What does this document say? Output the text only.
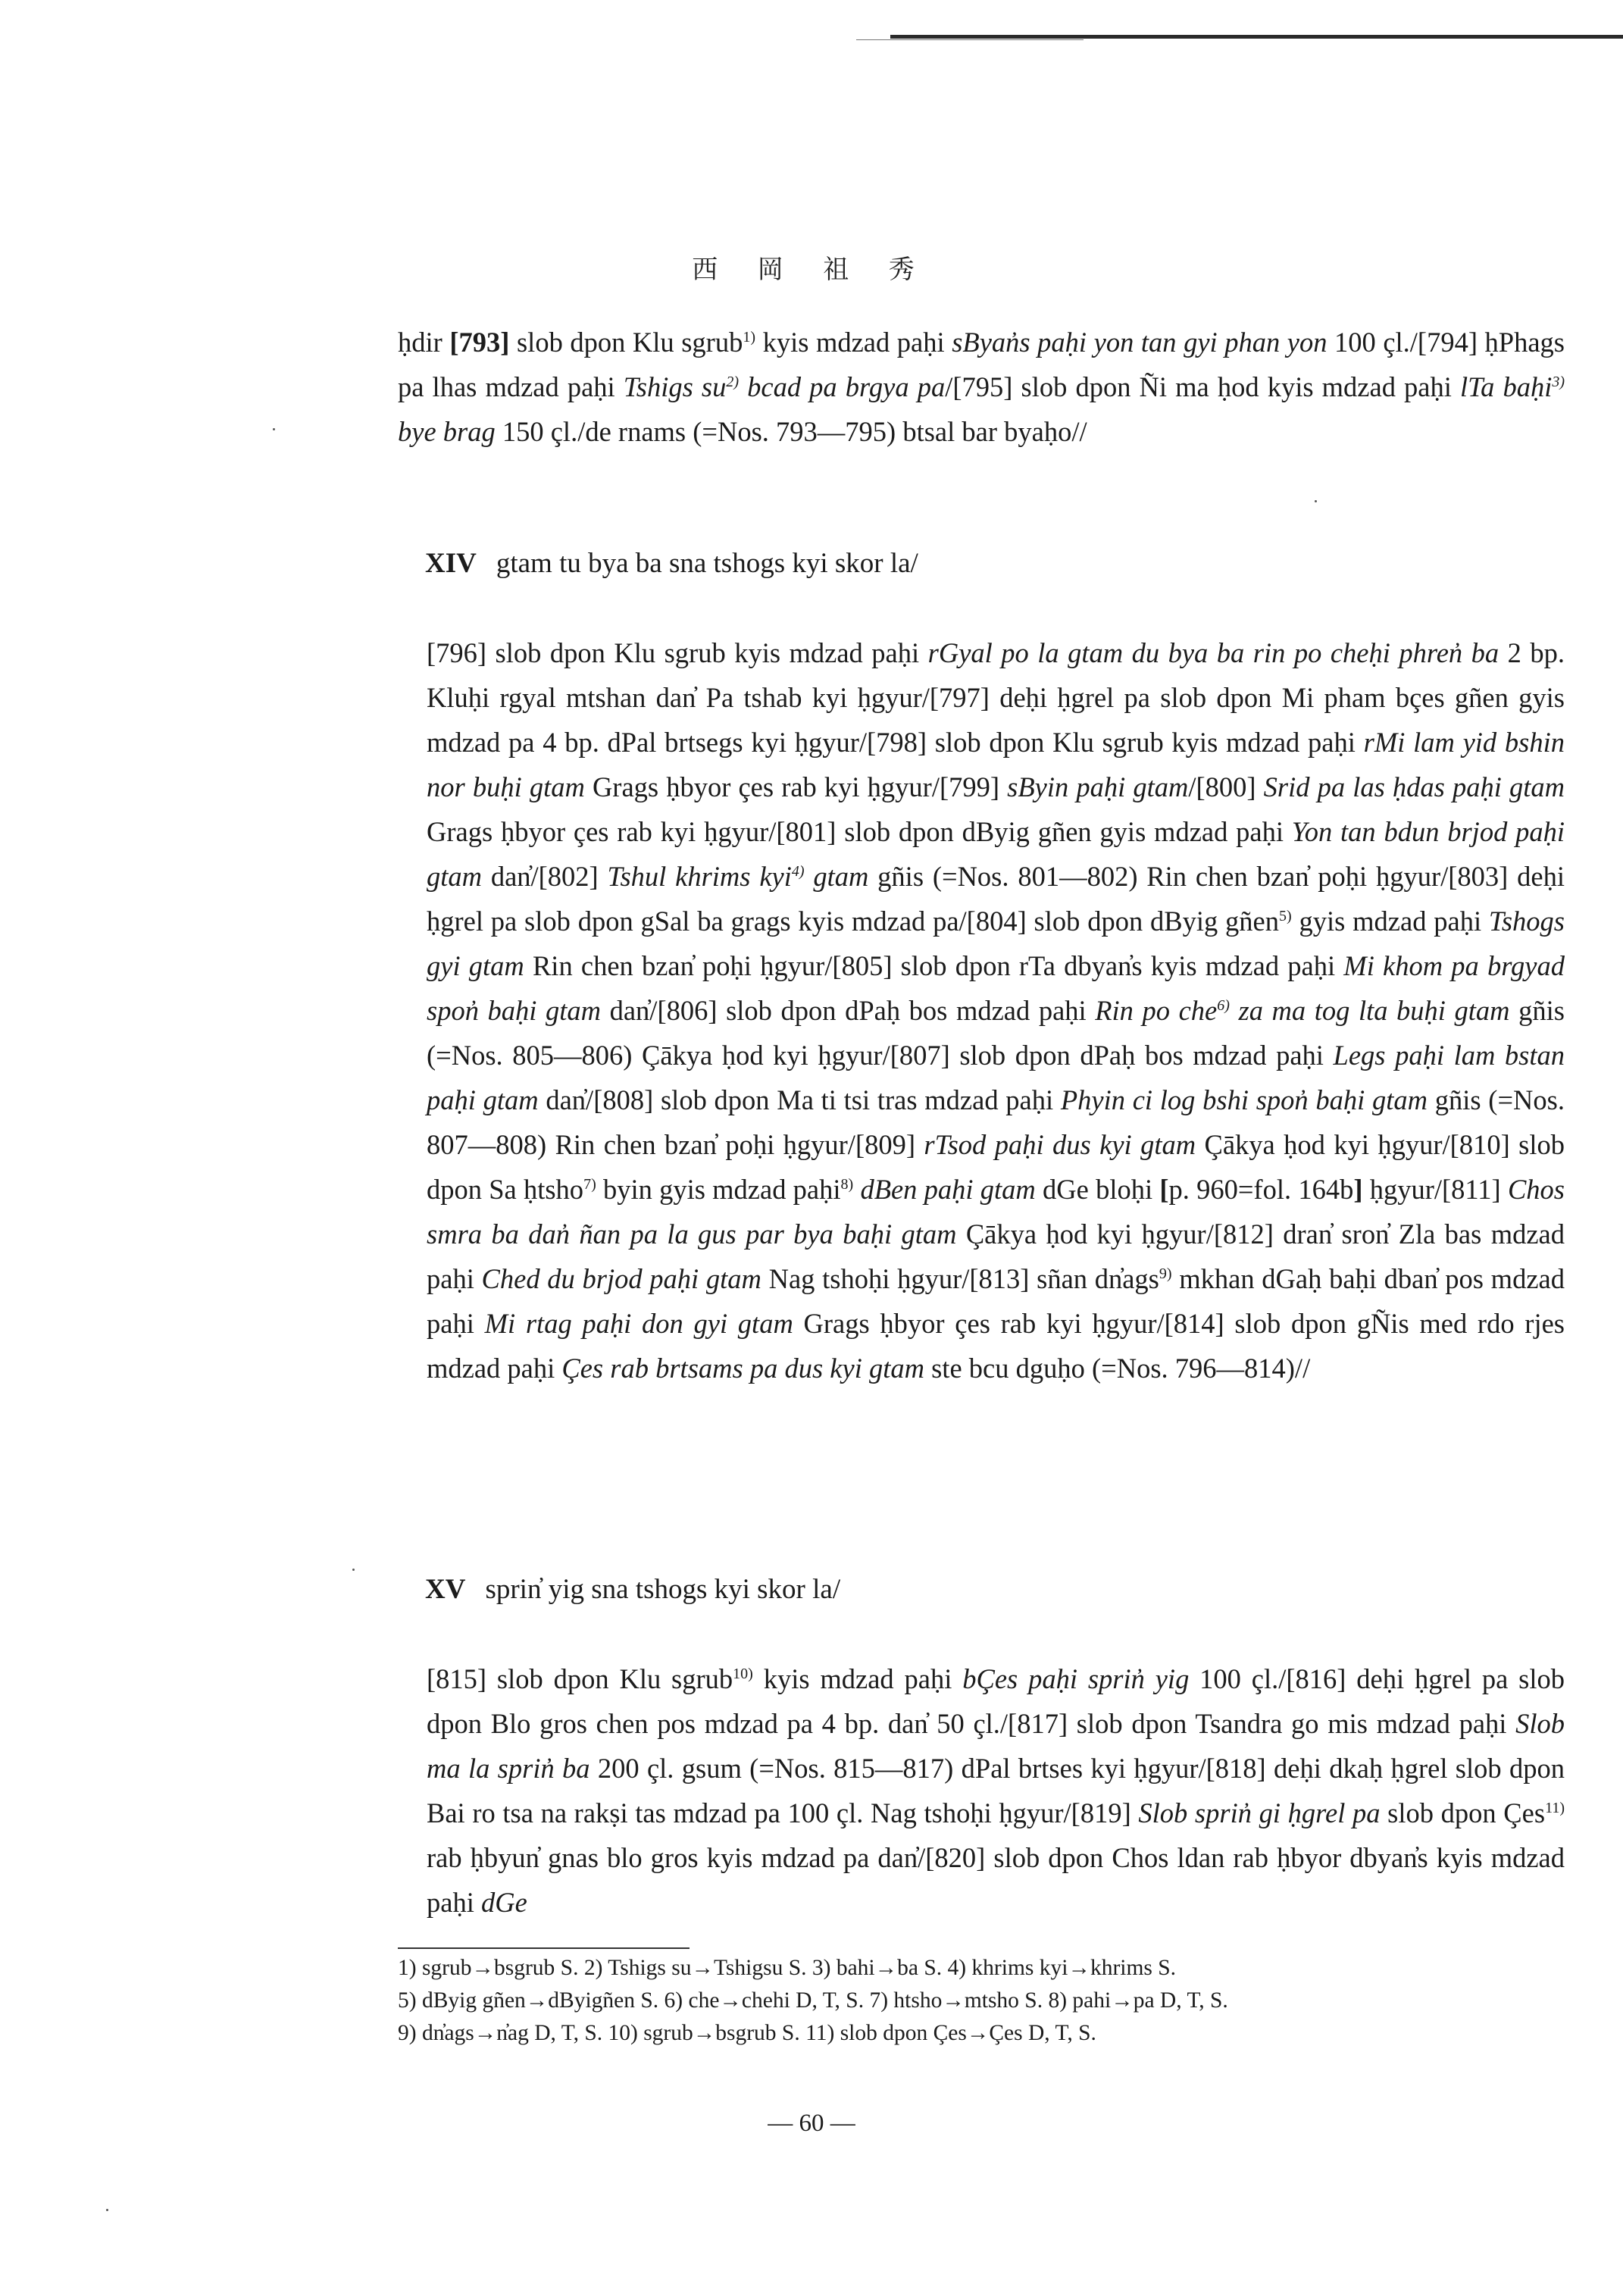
西 岡 祖 秀

ḥdir [793] slob dpon Klu sgrub$^{1)}$ kyis mdzad paḥi sByan̓s paḥi yon tan gyi phan yon 100 çl./[794] ḥPhags pa lhas mdzad paḥi Tshigs $su^{2)}$ bcad pa brgya pa/[795] slob dpon Ñi ma ḥod kyis mdzad paḥi lTa baḥi$^{3)}$ bye brag 150 çl./de rnams (=Nos. 793—795) btsal bar byaḥo//

XIV gtam tu bya ba sna tshogs kyi skor la/

[796] slob dpon Klu sgrub kyis mdzad paḥi rGyal po la gtam du bya ba rin po cheḥi phren̓ ba 2 bp. Kluḥi rgyal mtshan dan̓ Pa tshab kyi ḥgyur/[797] deḥi ḥgrel pa slob dpon Mi pham bçes gñen gyis mdzad pa 4 bp. dPal brtsegs kyi ḥgyur/[798] slob dpon Klu sgrub kyis mdzad paḥi rMi lam yid bshin nor buḥi gtam Grags ḥbyor çes rab kyi ḥgyur/[799] sByin paḥi gtam/[800] Srid pa las ḥdas paḥi gtam Grags ḥbyor çes rab kyi ḥgyur/[801] slob dpon dByig gñen gyis mdzad paḥi Yon tan bdun brjod paḥi gtam dan̓/[802] Tshul khrims kyi$^{4)}$ gtam gñis (=Nos. 801—802) Rin chen bzan̓ poḥi ḥgyur/[803] deḥi ḥgrel pa slob dpon gSal ba grags kyis mdzad pa/[804] slob dpon dByig gñen$^{5)}$ gyis mdzad paḥi Tshogs gyi gtam Rin chen bzan̓ poḥi ḥgyur/[805] slob dpon rTa dbyan̓s kyis mdzad paḥi Mi khom pa brgyad spon̓ baḥi gtam dan̓/[806] slob dpon dPaḥ bos mdzad paḥi Rin po che$^{6)}$ za ma tog lta buḥi gtam gñis (=Nos. 805—806) Çākya ḥod kyi ḥgyur/[807] slob dpon dPaḥ bos mdzad paḥi Legs paḥi lam bstan paḥi gtam dan̓/[808] slob dpon Ma ti tsi tras mdzad paḥi Phyin ci log bshi spon̓ baḥi gtam gñis (=Nos. 807—808) Rin chen bzan̓ poḥi ḥgyur/[809] rTsod paḥi dus kyi gtam Çākya ḥod kyi ḥgyur/[810] slob dpon Sa ḥtsho$^{7)}$ byin gyis mdzad paḥi$^{8)}$ dBen paḥi gtam dGe bloḥi [p. 960=fol. 164b] ḥgyur/[811] Chos smra ba dan̓ ñan pa la gus par bya baḥi gtam Çākya ḥod kyi ḥgyur/[812] dran̓ sron̓ Zla bas mdzad paḥi Ched du brjod paḥi gtam Nag tshoḥi ḥgyur/[813] sñan dn̓ags$^{9)}$ mkhan dGaḥ baḥi dban̓ pos mdzad paḥi Mi rtag paḥi don gyi gtam Grags ḥbyor çes rab kyi ḥgyur/[814] slob dpon gÑis med rdo rjes mdzad paḥi Çes rab brtsams pa dus kyi gtam ste bcu dguḥo (=Nos. 796—814)//

XV sprin̓ yig sna tshogs kyi skor la/

[815] slob dpon Klu sgrub$^{10)}$ kyis mdzad paḥi bÇes paḥi sprin̓ yig 100 çl./[816] deḥi ḥgrel pa slob dpon Blo gros chen pos mdzad pa 4 bp. dan̓ 50 çl./[817] slob dpon Tsandra go mis mdzad paḥi Slob ma la sprin̓ ba 200 çl. gsum (=Nos. 815—817) dPal brtses kyi ḥgyur/[818] deḥi dkaḥ ḥgrel slob dpon Bai ro tsa na rakṣi tas mdzad pa 100 çl. Nag tshoḥi ḥgyur/[819] Slob sprin̓ gi ḥgrel pa slob dpon Çes$^{11)}$ rab ḥbyun̓ gnas blo gros kyis mdzad pa dan̓/[820] slob dpon Chos ldan rab ḥbyor dbyan̓s kyis mdzad paḥi dGe

1) sgrub→bsgrub S. 2) Tshigs su→Tshigsu S. 3) bahi→ba S. 4) khrims kyi→khrims S.
5) dByig gñen→dByigñen S. 6) che→chehi D, T, S. 7) htsho→mtsho S. 8) pahi→pa D, T, S.
9) dn̓ags→n̓ag D, T, S. 10) sgrub→bsgrub S. 11) slob dpon Çes→Çes D, T, S.
— 60 —
